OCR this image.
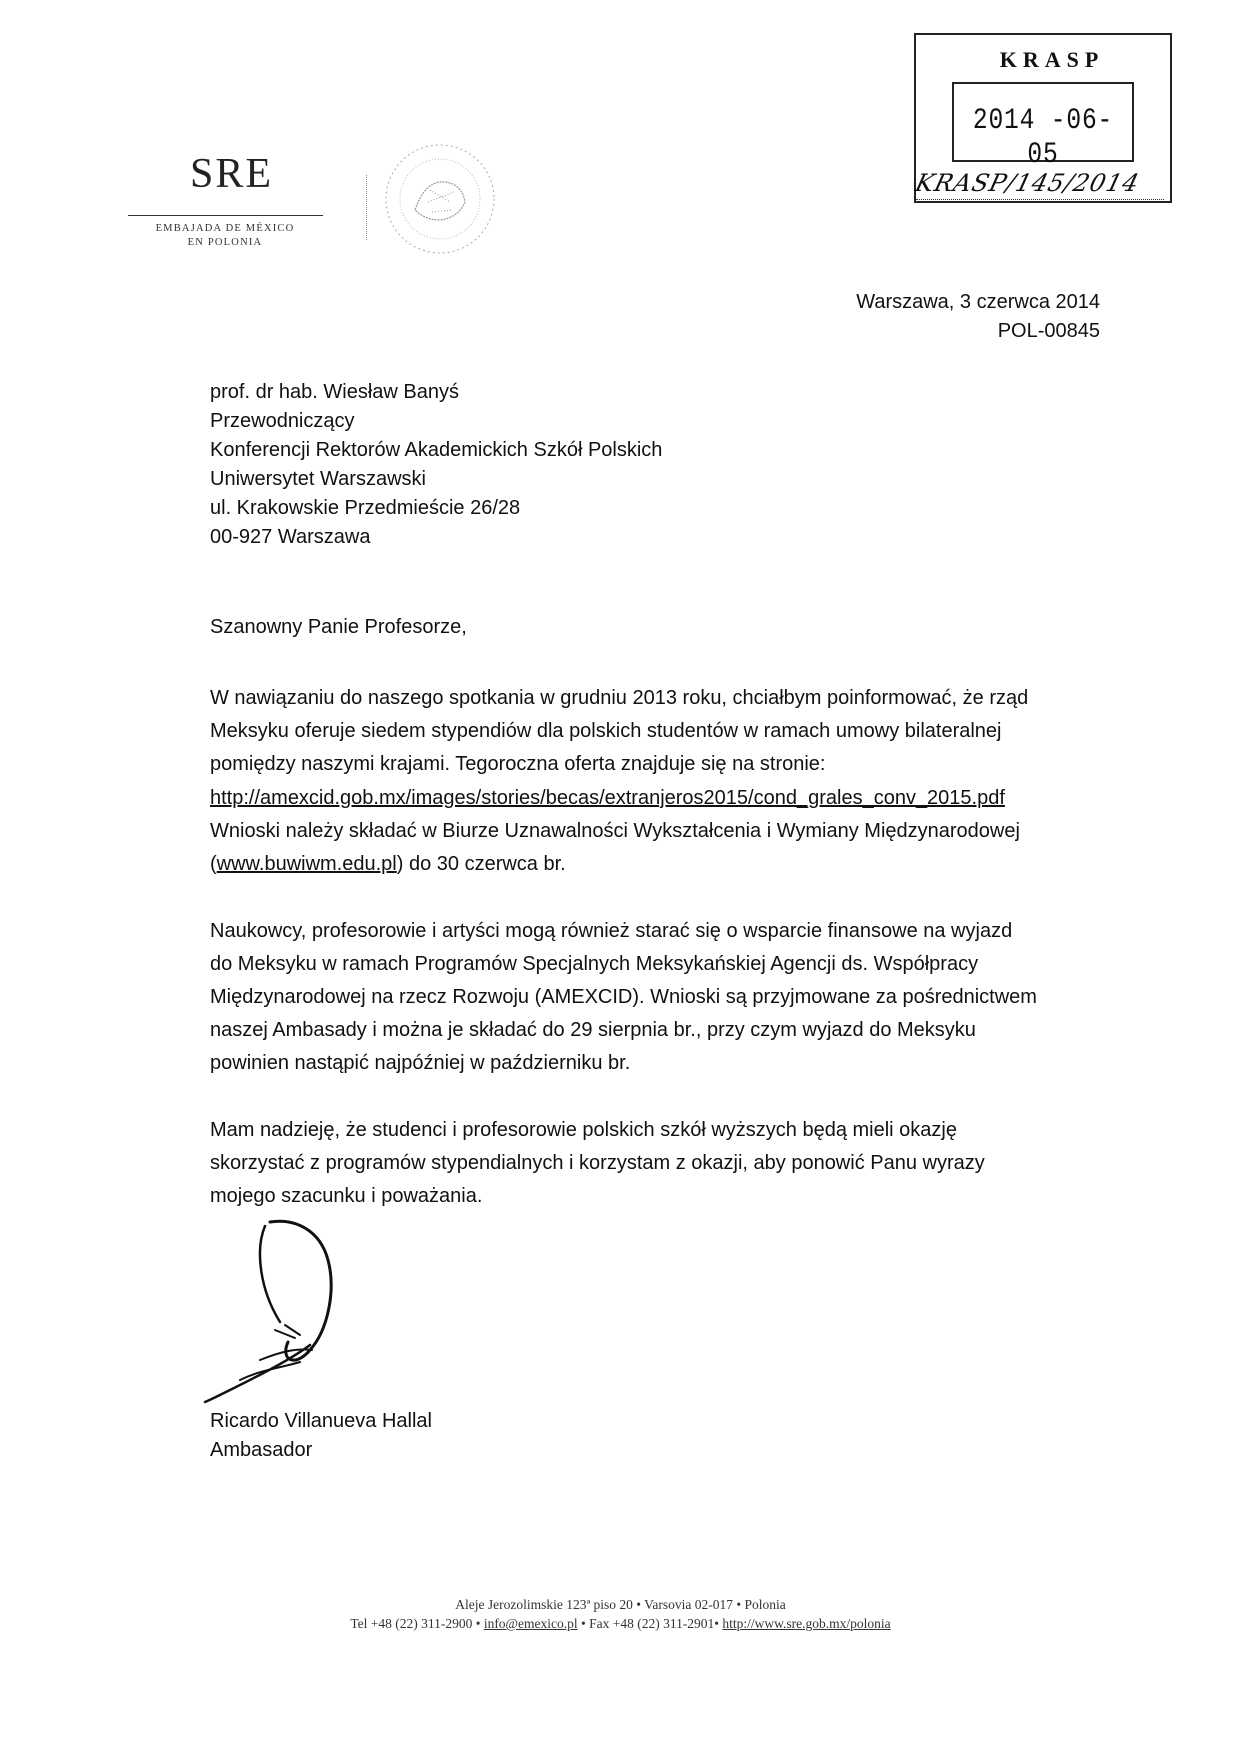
SRE
EMBAJADA DE MÉXICO
EN POLONIA
KRASP
2014 -06- 05
KRASP/145/2014
Warszawa, 3 czerwca 2014
POL-00845
prof. dr hab. Wiesław Banyś
Przewodniczący
Konferencji Rektorów Akademickich Szkół Polskich
Uniwersytet Warszawski
ul. Krakowskie Przedmieście 26/28
00-927 Warszawa
Szanowny Panie Profesorze,
W nawiązaniu do naszego spotkania w grudniu 2013 roku, chciałbym poinformować, że rząd
Meksyku oferuje siedem stypendiów dla polskich studentów w ramach umowy bilateralnej
pomiędzy naszymi krajami. Tegoroczna oferta znajduje się na stronie:
http://amexcid.gob.mx/images/stories/becas/extranjeros2015/cond_grales_conv_2015.pdf
Wnioski należy składać w Biurze Uznawalności Wykształcenia i Wymiany Międzynarodowej
(www.buwiwm.edu.pl) do 30 czerwca br.
Naukowcy, profesorowie i artyści mogą również starać się o wsparcie finansowe na wyjazd
do Meksyku w ramach Programów Specjalnych Meksykańskiej Agencji ds. Współpracy
Międzynarodowej na rzecz Rozwoju (AMEXCID). Wnioski są przyjmowane za pośrednictwem
naszej Ambasady i można je składać do 29 sierpnia br., przy czym wyjazd do Meksyku
powinien nastąpić najpóźniej w październiku br.
Mam nadzieję, że studenci i profesorowie polskich szkół wyższych będą mieli okazję
skorzystać z programów stypendialnych i korzystam z okazji, aby ponowić Panu wyrazy
mojego szacunku i poważania.
Ricardo Villanueva Hallal
Ambasador
Aleje Jerozolimskie 123ª piso 20 • Varsovia 02-017 • Polonia
Tel +48 (22) 311-2900 • info@emexico.pl • Fax +48 (22) 311-2901• http://www.sre.gob.mx/polonia
